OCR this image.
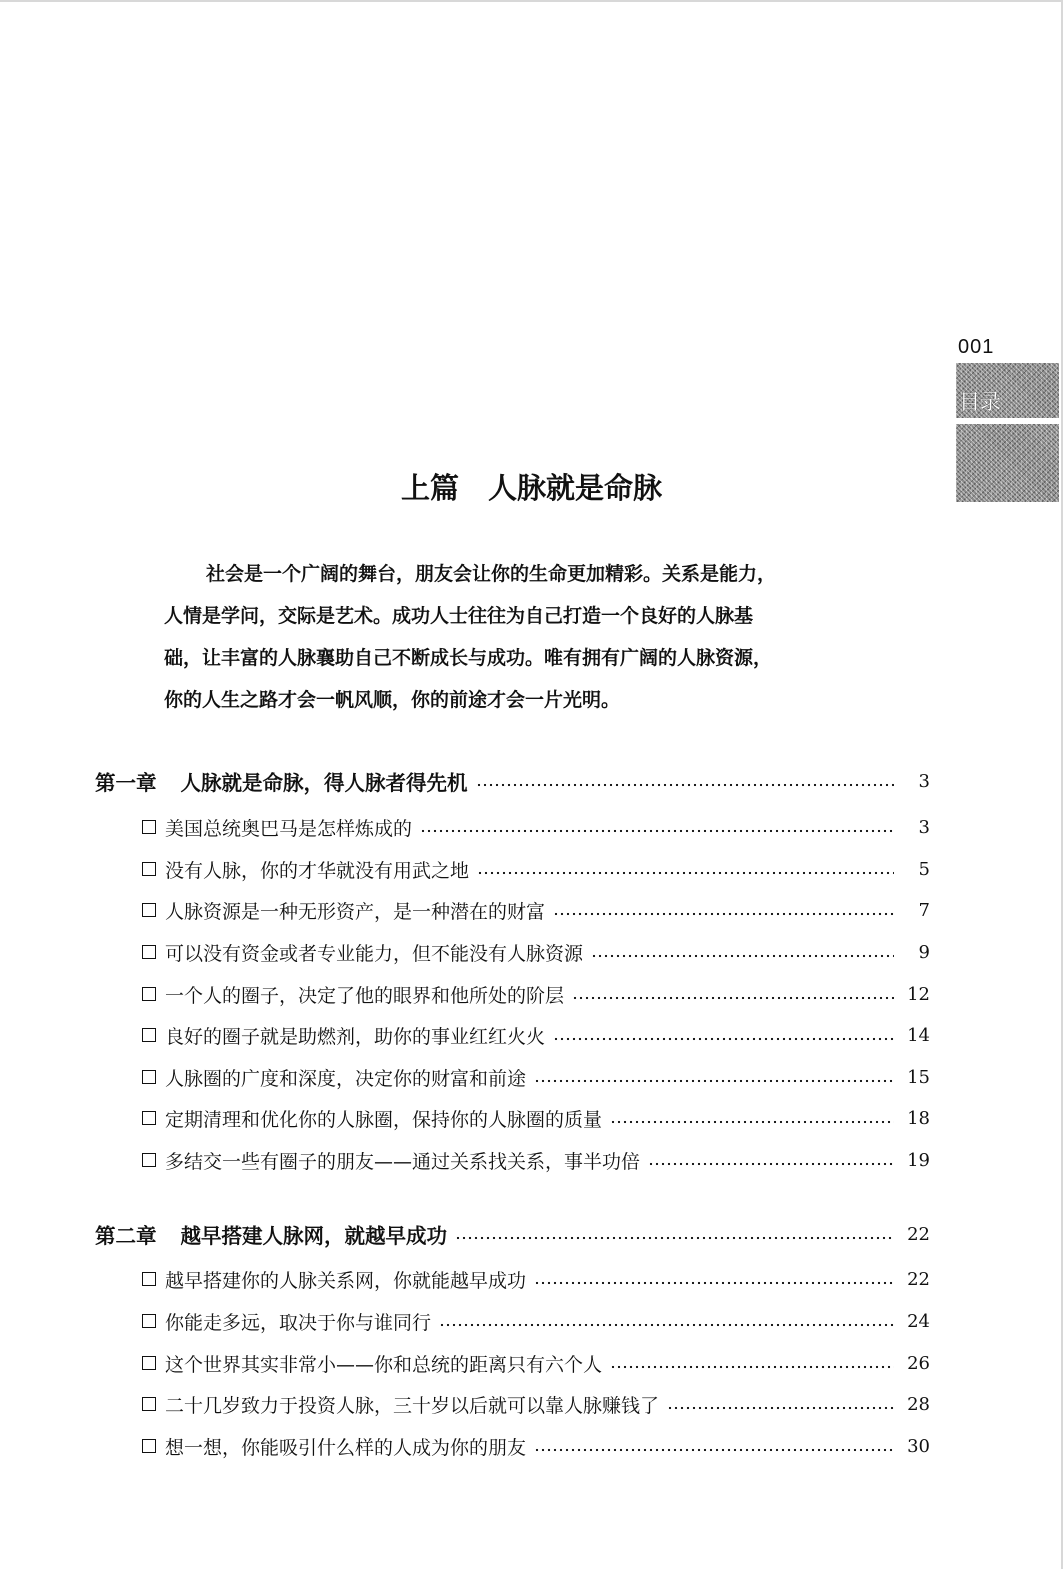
001
目录
上篇　人脉就是命脉
社会是一个广阔的舞台，朋友会让你的生命更加精彩。关系是能力，
人情是学问，交际是艺术。成功人士往往为自己打造一个良好的人脉基
础，让丰富的人脉襄助自己不断成长与成功。唯有拥有广阔的人脉资源，
你的人生之路才会一帆风顺，你的前途才会一片光明。
第一章 人脉就是命脉，得人脉者得先机	3
美国总统奥巴马是怎样炼成的	3
没有人脉，你的才华就没有用武之地	5
人脉资源是一种无形资产，是一种潜在的财富	7
可以没有资金或者专业能力，但不能没有人脉资源	9
一个人的圈子，决定了他的眼界和他所处的阶层	12
良好的圈子就是助燃剂，助你的事业红红火火	14
人脉圈的广度和深度，决定你的财富和前途	15
定期清理和优化你的人脉圈，保持你的人脉圈的质量	18
多结交一些有圈子的朋友——通过关系找关系，事半功倍	19
第二章 越早搭建人脉网，就越早成功	22
越早搭建你的人脉关系网，你就能越早成功	22
你能走多远，取决于你与谁同行	24
这个世界其实非常小——你和总统的距离只有六个人	26
二十几岁致力于投资人脉，三十岁以后就可以靠人脉赚钱了	28
想一想，你能吸引什么样的人成为你的朋友	30
